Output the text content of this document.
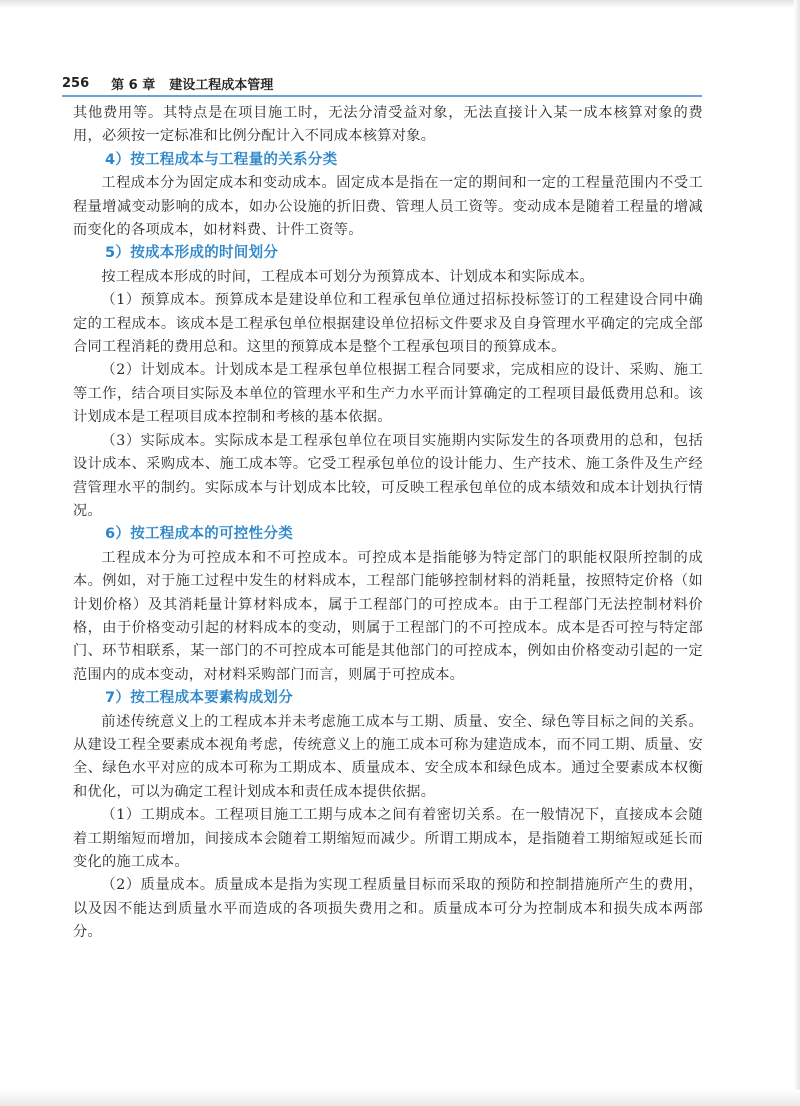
256 第 6 章 建设工程成本管理

其他费用等。其特点是在项目施工时，无法分清受益对象，无法直接计入某一成本核算对象的费用，必须按一定标准和比例分配计入不同成本核算对象。

4）按工程成本与工程量的关系分类

工程成本分为固定成本和变动成本。固定成本是指在一定的期间和一定的工程量范围内不受工程量增减变动影响的成本，如办公设施的折旧费、管理人员工资等。变动成本是随着工程量的增减而变化的各项成本，如材料费、计件工资等。

5）按成本形成的时间划分

按工程成本形成的时间，工程成本可划分为预算成本、计划成本和实际成本。

（1）预算成本。预算成本是建设单位和工程承包单位通过招标投标签订的工程建设合同中确定的工程成本。该成本是工程承包单位根据建设单位招标文件要求及自身管理水平确定的完成全部合同工程消耗的费用总和。这里的预算成本是整个工程承包项目的预算成本。

（2）计划成本。计划成本是工程承包单位根据工程合同要求，完成相应的设计、采购、施工等工作，结合项目实际及本单位的管理水平和生产力水平而计算确定的工程项目最低费用总和。该计划成本是工程项目成本控制和考核的基本依据。

（3）实际成本。实际成本是工程承包单位在项目实施期内实际发生的各项费用的总和，包括设计成本、采购成本、施工成本等。它受工程承包单位的设计能力、生产技术、施工条件及生产经营管理水平的制约。实际成本与计划成本比较，可反映工程承包单位的成本绩效和成本计划执行情况。

6）按工程成本的可控性分类

工程成本分为可控成本和不可控成本。可控成本是指能够为特定部门的职能权限所控制的成本。例如，对于施工过程中发生的材料成本，工程部门能够控制材料的消耗量，按照特定价格（如计划价格）及其消耗量计算材料成本，属于工程部门的可控成本。由于工程部门无法控制材料价格，由于价格变动引起的材料成本的变动，则属于工程部门的不可控成本。成本是否可控与特定部门、环节相联系，某一部门的不可控成本可能是其他部门的可控成本，例如由价格变动引起的一定范围内的成本变动，对材料采购部门而言，则属于可控成本。

7）按工程成本要素构成划分

前述传统意义上的工程成本并未考虑施工成本与工期、质量、安全、绿色等目标之间的关系。从建设工程全要素成本视角考虑，传统意义上的施工成本可称为建造成本，而不同工期、质量、安全、绿色水平对应的成本可称为工期成本、质量成本、安全成本和绿色成本。通过全要素成本权衡和优化，可以为确定工程计划成本和责任成本提供依据。

（1）工期成本。工程项目施工工期与成本之间有着密切关系。在一般情况下，直接成本会随着工期缩短而增加，间接成本会随着工期缩短而减少。所谓工期成本，是指随着工期缩短或延长而变化的施工成本。

（2）质量成本。质量成本是指为实现工程质量目标而采取的预防和控制措施所产生的费用，以及因不能达到质量水平而造成的各项损失费用之和。质量成本可分为控制成本和损失成本两部分。
